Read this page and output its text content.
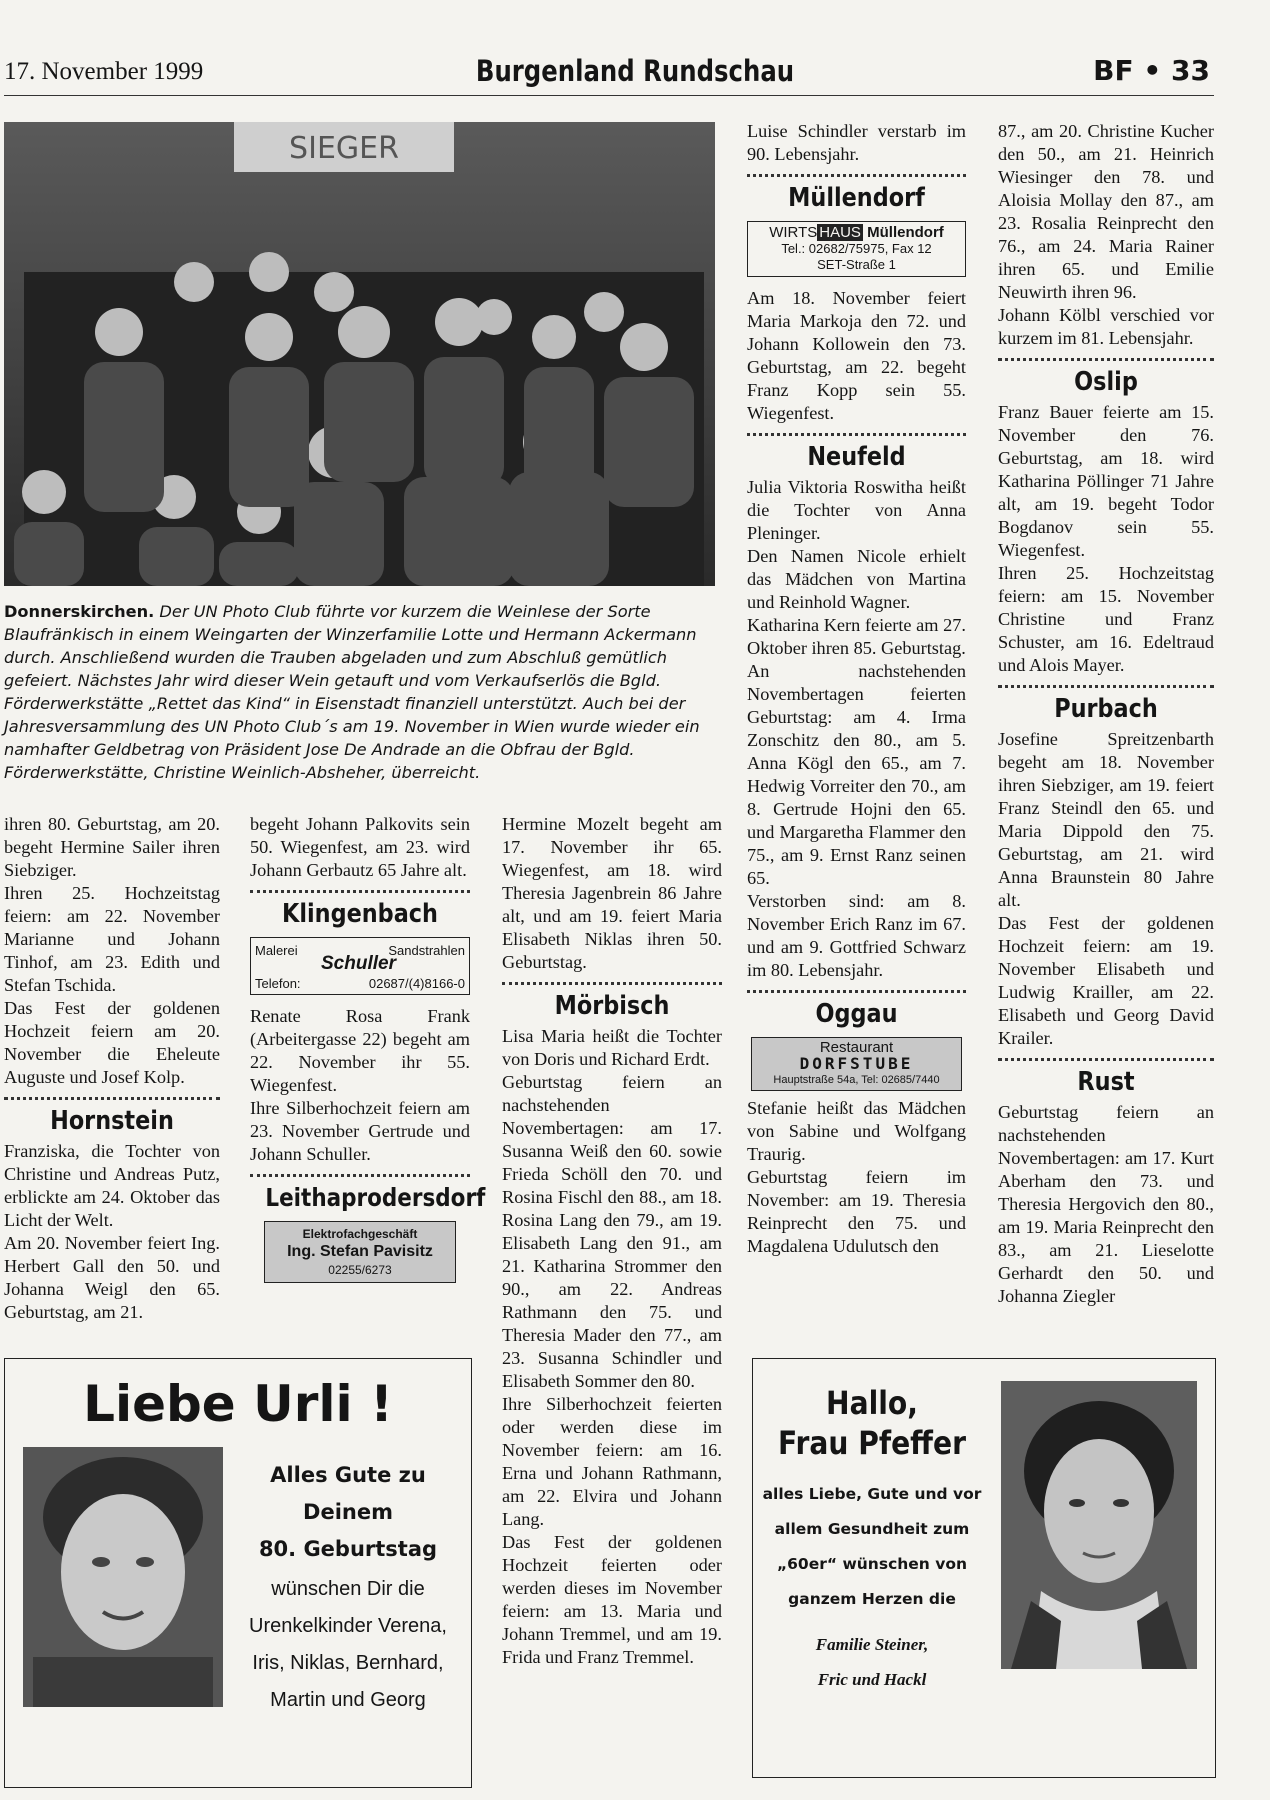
17. November 1999	Burgenland Rundschau	BF • 33
SIEGER
Donnerskirchen. Der UN Photo Club führte vor kurzem die Weinlese der Sorte Blaufränkisch in einem Weingarten der Winzerfamilie Lotte und Hermann Ackermann durch. Anschließend wurden die Trauben abgeladen und zum Abschluß gemütlich gefeiert. Nächstes Jahr wird dieser Wein getauft und vom Verkaufserlös die Bgld. Förderwerkstätte „Rettet das Kind“ in Eisenstadt finanziell unterstützt. Auch bei der Jahresversammlung des UN Photo Club´s am 19. November in Wien wurde wieder ein namhafter Geldbetrag von Präsident Jose De Andrade an die Obfrau der Bgld. Förderwerkstätte, Christine Weinlich-Absheher, überreicht.

ihren 80. Geburtstag, am 20. begeht Hermine Sailer ihren Siebziger.

Ihren 25. Hochzeitstag feiern: am 22. November Marianne und Johann Tinhof, am 23. Edith und Stefan Tschida.

Das Fest der goldenen Hochzeit feiern am 20. November die Eheleute Auguste und Josef Kolp.

Hornstein

Franziska, die Tochter von Christine und Andreas Putz, erblickte am 24. Oktober das Licht der Welt.

Am 20. November feiert Ing. Herbert Gall den 50. und Johanna Weigl den 65. Geburtstag, am 21.

begeht Johann Palkovits sein 50. Wiegenfest, am 23. wird Johann Gerbautz 65 Jahre alt.

Klingenbach
Malerei	Sandstrahlen
Schuller
Telefon:	02687/(4)8166-0

Renate Rosa Frank (Arbeitergasse 22) begeht am 22. November ihr 55. Wiegenfest.

Ihre Silberhochzeit feiern am 23. November Gertrude und Johann Schuller.

Leithaprodersdorf
Elektrofachgeschäft
Ing. Stefan Pavisitz
02255/6273

Hermine Mozelt begeht am 17. November ihr 65. Wiegenfest, am 18. wird Theresia Jagenbrein 86 Jahre alt, und am 19. feiert Maria Elisabeth Niklas ihren 50. Geburtstag.

Mörbisch

Lisa Maria heißt die Tochter von Doris und Richard Erdt.

Geburtstag feiern an nachstehenden Novembertagen: am 17. Susanna Weiß den 60. sowie Frieda Schöll den 70. und Rosina Fischl den 88., am 18. Rosina Lang den 79., am 19. Elisabeth Lang den 91., am 21. Katharina Strommer den 90., am 22. Andreas Rathmann den 75. und Theresia Mader den 77., am 23. Susanna Schindler und Elisabeth Sommer den 80.

Ihre Silberhochzeit feierten oder werden diese im November feiern: am 16. Erna und Johann Rathmann, am 22. Elvira und Johann Lang.

Das Fest der goldenen Hochzeit feierten oder werden dieses im November feiern: am 13. Maria und Johann Tremmel, und am 19. Frida und Franz Tremmel.

Luise Schindler verstarb im 90. Lebensjahr.

Müllendorf
WIRTS HAUS Müllendorf
Tel.: 02682/75975, Fax 12
SET-Straße 1

Am 18. November feiert Maria Markoja den 72. und Johann Kollowein den 73. Geburtstag, am 22. begeht Franz Kopp sein 55. Wiegenfest.

Neufeld

Julia Viktoria Roswitha heißt die Tochter von Anna Pleninger.

Den Namen Nicole erhielt das Mädchen von Martina und Reinhold Wagner.

Katharina Kern feierte am 27. Oktober ihren 85. Geburtstag.

An nachstehenden Novembertagen feierten Geburtstag: am 4. Irma Zonschitz den 80., am 5. Anna Kögl den 65., am 7. Hedwig Vorreiter den 70., am 8. Gertrude Hojni den 65. und Margaretha Flammer den 75., am 9. Ernst Ranz seinen 65.

Verstorben sind: am 8. November Erich Ranz im 67. und am 9. Gottfried Schwarz im 80. Lebensjahr.

Oggau
Restaurant
DORFSTUBE
Hauptstraße 54a, Tel: 02685/7440

Stefanie heißt das Mädchen von Sabine und Wolfgang Traurig.

Geburtstag feiern im November: am 19. Theresia Reinprecht den 75. und Magdalena Udulutsch den

87., am 20. Christine Kucher den 50., am 21. Heinrich Wiesinger den 78. und Aloisia Mollay den 87., am 23. Rosalia Reinprecht den 76., am 24. Maria Rainer ihren 65. und Emilie Neuwirth ihren 96.

Johann Kölbl verschied vor kurzem im 81. Lebensjahr.

Oslip

Franz Bauer feierte am 15. November den 76. Geburtstag, am 18. wird Katharina Pöllinger 71 Jahre alt, am 19. begeht Todor Bogdanov sein 55. Wiegenfest.

Ihren 25. Hochzeitstag feiern: am 15. November Christine und Franz Schuster, am 16. Edeltraud und Alois Mayer.

Purbach

Josefine Spreitzenbarth begeht am 18. November ihren Siebziger, am 19. feiert Franz Steindl den 65. und Maria Dippold den 75. Geburtstag, am 21. wird Anna Braunstein 80 Jahre alt.

Das Fest der goldenen Hochzeit feiern: am 19. November Elisabeth und Ludwig Krailler, am 22. Elisabeth und Georg David Krailer.

Rust

Geburtstag feiern an nachstehenden Novembertagen: am 17. Kurt Aberham den 73. und Theresia Hergovich den 80., am 19. Maria Reinprecht den 83., am 21. Lieselotte Gerhardt den 50. und Johanna Ziegler

Liebe Urli !
Alles Gute zu
Deinem
80. Geburtstag
wünschen Dir die
Urenkelkinder Verena,
Iris, Niklas, Bernhard,
Martin und Georg
Hallo,
Frau Pfeffer
alles Liebe, Gute und vor
allem Gesundheit zum
„60er“ wünschen von
ganzem Herzen die
Familie Steiner,
Fric und Hackl
